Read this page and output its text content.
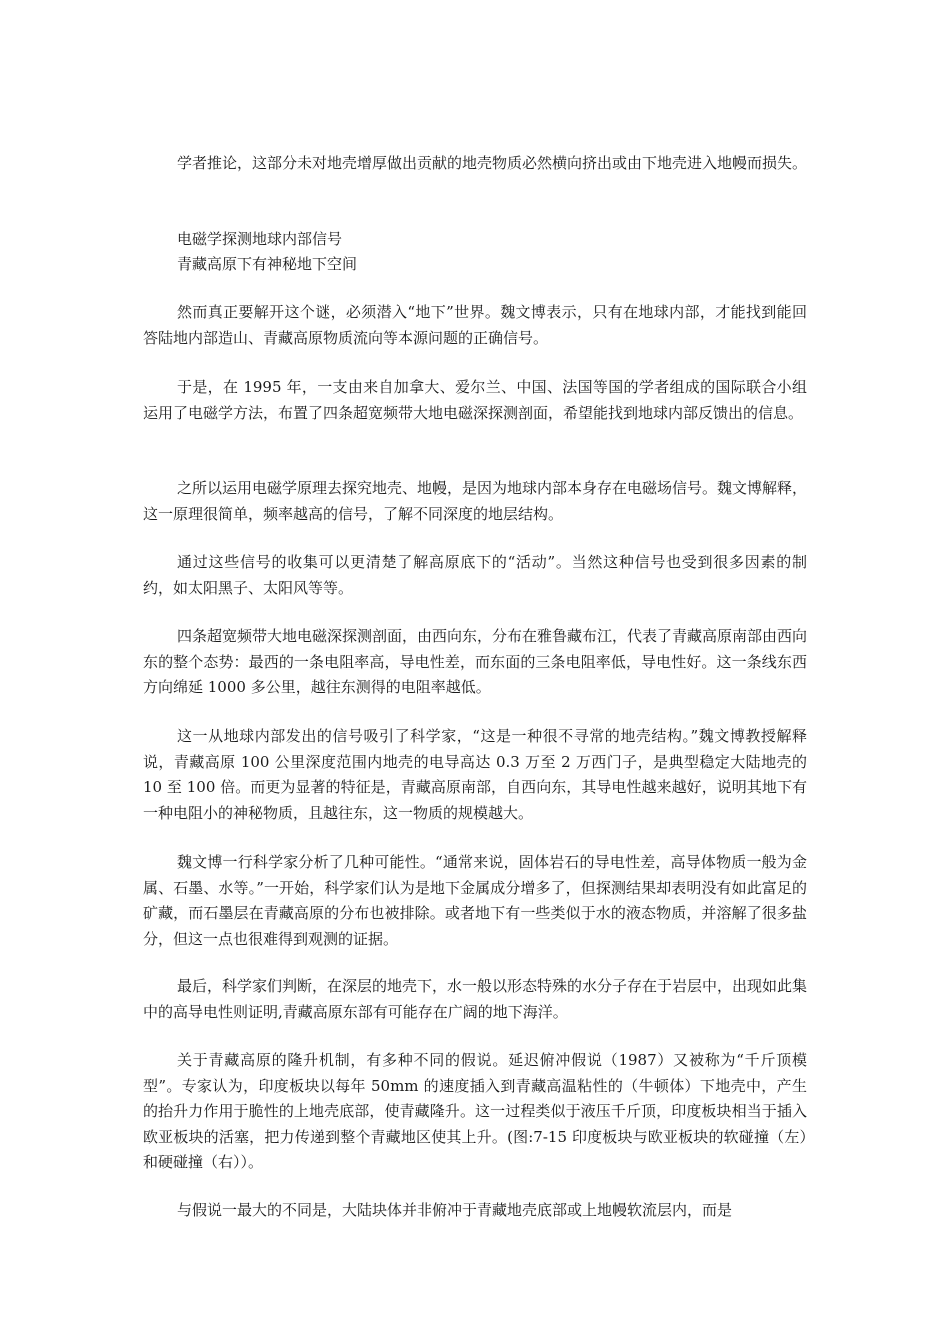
学者推论，这部分未对地壳增厚做出贡献的地壳物质必然横向挤出或由下地壳进入地幔而损失。

电磁学探测地球内部信号

青藏高原下有神秘地下空间

然而真正要解开这个谜，必须潜入“地下”世界。魏文博表示，只有在地球内部，才能找到能回答陆地内部造山、青藏高原物质流向等本源问题的正确信号。

于是，在 1995 年，一支由来自加拿大、爱尔兰、中国、法国等国的学者组成的国际联合小组运用了电磁学方法，布置了四条超宽频带大地电磁深探测剖面，希望能找到地球内部反馈出的信息。

之所以运用电磁学原理去探究地壳、地幔，是因为地球内部本身存在电磁场信号。魏文博解释，这一原理很简单，频率越高的信号，了解不同深度的地层结构。

通过这些信号的收集可以更清楚了解高原底下的“活动”。当然这种信号也受到很多因素的制约，如太阳黑子、太阳风等等。

四条超宽频带大地电磁深探测剖面，由西向东，分布在雅鲁藏布江，代表了青藏高原南部由西向东的整个态势：最西的一条电阻率高，导电性差，而东面的三条电阻率低，导电性好。这一条线东西方向绵延 1000 多公里，越往东测得的电阻率越低。

这一从地球内部发出的信号吸引了科学家，“这是一种很不寻常的地壳结构。”魏文博教授解释说，青藏高原 100 公里深度范围内地壳的电导高达 0.3 万至 2 万西门子，是典型稳定大陆地壳的 10 至 100 倍。而更为显著的特征是，青藏高原南部，自西向东，其导电性越来越好，说明其地下有一种电阻小的神秘物质，且越往东，这一物质的规模越大。

魏文博一行科学家分析了几种可能性。“通常来说，固体岩石的导电性差，高导体物质一般为金属、石墨、水等。”一开始，科学家们认为是地下金属成分增多了，但探测结果却表明没有如此富足的矿藏，而石墨层在青藏高原的分布也被排除。或者地下有一些类似于水的液态物质，并溶解了很多盐分，但这一点也很难得到观测的证据。

最后，科学家们判断，在深层的地壳下，水一般以形态特殊的水分子存在于岩层中，出现如此集中的高导电性则证明,青藏高原东部有可能存在广阔的地下海洋。

关于青藏高原的隆升机制，有多种不同的假说。延迟俯冲假说（1987）又被称为“千斤顶模型”。专家认为，印度板块以每年 50mm 的速度插入到青藏高温粘性的（牛顿体）下地壳中，产生的抬升力作用于脆性的上地壳底部，使青藏隆升。这一过程类似于液压千斤顶，印度板块相当于插入欧亚板块的活塞，把力传递到整个青藏地区使其上升。(图:7-15 印度板块与欧亚板块的软碰撞（左）和硬碰撞（右））。

与假说一最大的不同是，大陆块体并非俯冲于青藏地壳底部或上地幔软流层内，而是
